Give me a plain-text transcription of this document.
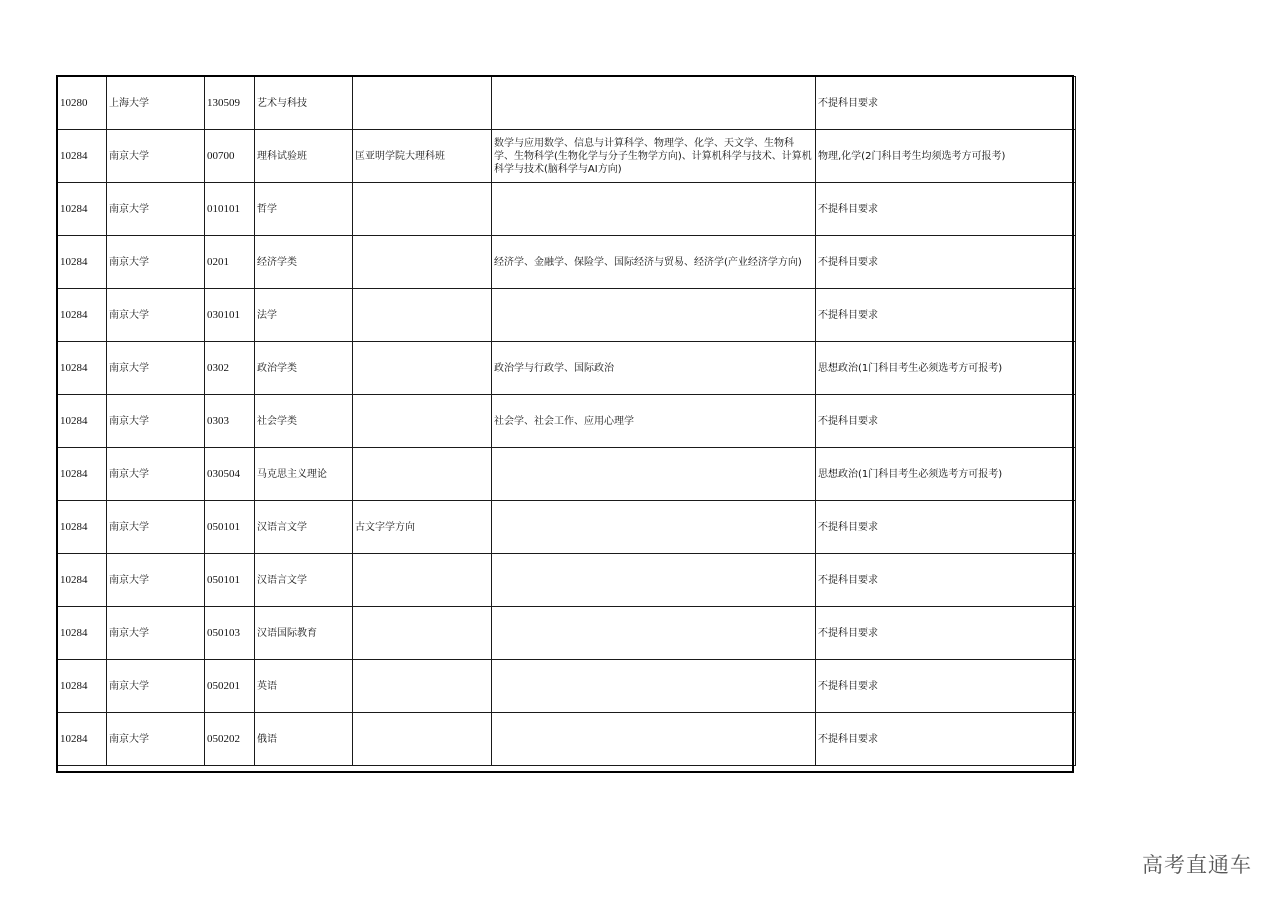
10280	上海大学	130509	艺术与科技			不提科目要求
10284	南京大学	00700	理科试验班	匡亚明学院大理科班	数学与应用数学、信息与计算科学、物理学、化学、天文学、生物科学、生物科学(生物化学与分子生物学方向)、计算机科学与技术、计算机科学与技术(脑科学与AI方向)	物理,化学(2门科目考生均须选考方可报考)
10284	南京大学	010101	哲学			不提科目要求
10284	南京大学	0201	经济学类		经济学、金融学、保险学、国际经济与贸易、经济学(产业经济学方向)	不提科目要求
10284	南京大学	030101	法学			不提科目要求
10284	南京大学	0302	政治学类		政治学与行政学、国际政治	思想政治(1门科目考生必须选考方可报考)
10284	南京大学	0303	社会学类		社会学、社会工作、应用心理学	不提科目要求
10284	南京大学	030504	马克思主义理论			思想政治(1门科目考生必须选考方可报考)
10284	南京大学	050101	汉语言文学	古文字学方向		不提科目要求
10284	南京大学	050101	汉语言文学			不提科目要求
10284	南京大学	050103	汉语国际教育			不提科目要求
10284	南京大学	050201	英语			不提科目要求
10284	南京大学	050202	俄语			不提科目要求
高考直通车
